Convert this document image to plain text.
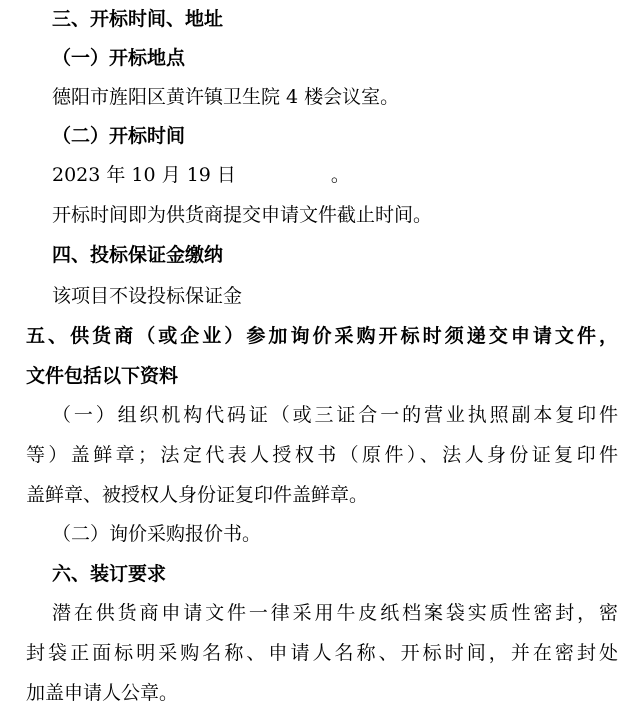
三、开标时间、地址
（一）开标地点
德阳市旌阳区黄许镇卫生院 4 楼会议室。
（二）开标时间
2023 年 10 月 19 日　　　　　。
开标时间即为供货商提交申请文件截止时间。
四、投标保证金缴纳
该项目不设投标保证金
五、供货商（或企业）参加询价采购开标时须递交申请文件，
文件包括以下资料
（一）组织机构代码证（或三证合一的营业执照副本复印件
等）盖鲜章；法定代表人授权书（原件）、法人身份证复印件
盖鲜章、被授权人身份证复印件盖鲜章。
（二）询价采购报价书。
六、装订要求
潜在供货商申请文件一律采用牛皮纸档案袋实质性密封，密
封袋正面标明采购名称、申请人名称、开标时间，并在密封处
加盖申请人公章。
